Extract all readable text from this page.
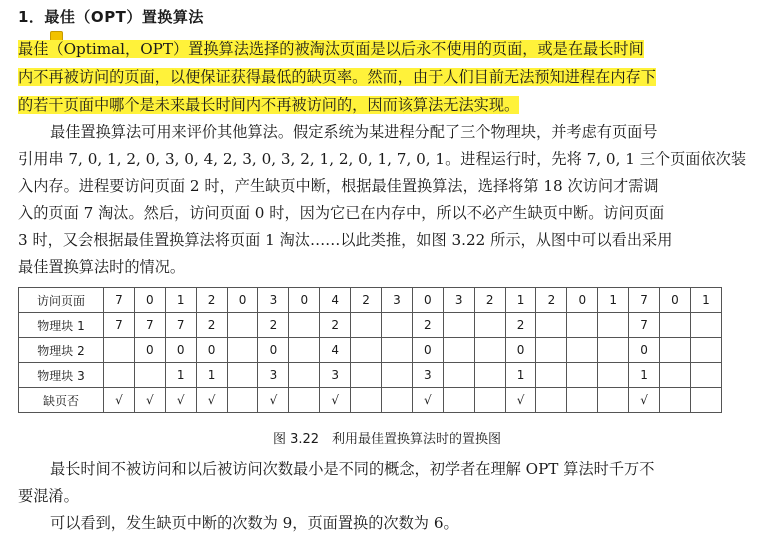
1．最佳（OPT）置换算法
最佳（Optimal，OPT）置换算法选择的被淘汰页面是以后永不使用的页面，或是在最长时间
内不再被访问的页面，以便保证获得最低的缺页率。然而，由于人们目前无法预知进程在内存下
的若干页面中哪个是未来最长时间内不再被访问的，因而该算法无法实现。
最佳置换算法可用来评价其他算法。假定系统为某进程分配了三个物理块，并考虑有页面号
引用串 7, 0, 1, 2, 0, 3, 0, 4, 2, 3, 0, 3, 2, 1, 2, 0, 1, 7, 0, 1。进程运行时，先将 7, 0, 1 三个页面依次装
入内存。进程要访问页面 2 时，产生缺页中断，根据最佳置换算法，选择将第 18 次访问才需调
入的页面 7 淘汰。然后，访问页面 0 时，因为它已在内存中，所以不必产生缺页中断。访问页面
3 时，又会根据最佳置换算法将页面 1 淘汰……以此类推，如图 3.22 所示，从图中可以看出采用
最佳置换算法时的情况。
访问页面	7	0	1	2	0	3	0	4	2	3	0	3	2	1	2	0	1	7	0	1
物理块 1	7	7	7	2		2		2			2			2				7		
物理块 2		0	0	0		0		4			0			0				0		
物理块 3			1	1		3		3			3			1				1		
缺页否	√	√	√	√		√		√			√			√				√		
图 3.22　利用最佳置换算法时的置换图
最长时间不被访问和以后被访问次数最小是不同的概念，初学者在理解 OPT 算法时千万不
要混淆。
可以看到，发生缺页中断的次数为 9，页面置换的次数为 6。
